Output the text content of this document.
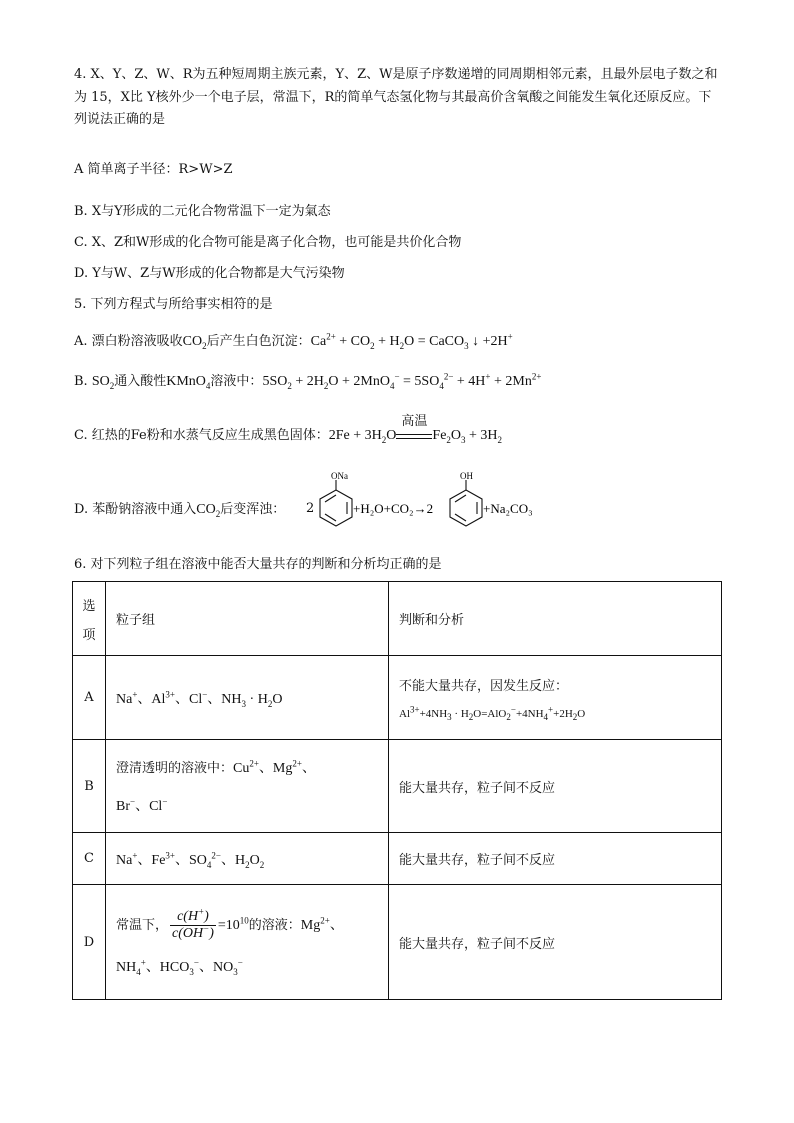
4. X、Y、Z、W、R为五种短周期主族元素，Y、Z、W是原子序数递增的同周期相邻元素，且最外层电子数之和为 15，X比 Y核外少一个电子层，常温下，R的简单气态氢化物与其最高价含氧酸之间能发生氧化还原反应。下列说法正确的是
A 简单离子半径：R>W>Z
B. X与Y形成的二元化合物常温下一定为氣态
C. X、Z和W形成的化合物可能是离子化合物，也可能是共价化合物
D. Y与W、Z与W形成的化合物都是大气污染物
5. 下列方程式与所给事实相符的是
A. 漂白粉溶液吸收$CO_2$后产生白色沉淀：$Ca^{2+} + CO_2 + H_2O$ = CaCO$_3$ ↓ +2H+
B. $SO_2$通入酸性KMnO$_4$溶液中：$5SO_2 + 2H_2O + 2MnO_4^- = 5SO_4^{2-} + 4H^+ + 2Mn^{2+}$
C. 红热的Fe粉和水蒸气反应生成黑色固体：$2Fe + 3H_2O$
高温
$Fe_2O_3 + 3H_2$
D. 苯酚钠溶液中通入$CO_2$后变浑浊： 2
ONa
+H₂O+CO₂→2
OH
+Na₂CO₃
6. 对下列粒子组在溶液中能否大量共存的判断和分析均正确的是
选
项	粒子组	判断和分析
A	Na+、$Al^{3+}$、Cl−、$NH_3 \cdot H_2O$	不能大量共存，因发生反应：
$Al^{3+}+4NH_3 \cdot H_2O=AlO_2^-+4NH_4^++2H_2O$

B	澄清透明的溶液中：$Cu^{2+}$、$Mg^{2+}$、
Br−、Cl−	能大量共存，粒子间不反应
C	Na+、$Fe^{3+}$、$SO_4^{2-}$、$H_2O_2$	能大量共存，粒子间不反应
D	常温下， $\frac{c(H^+)}{c(OH^-)} =10^{10}$的溶液：$Mg^{2+}$、
$NH_4^+$、$HCO_3^-$、$NO_3^-$	能大量共存，粒子间不反应
